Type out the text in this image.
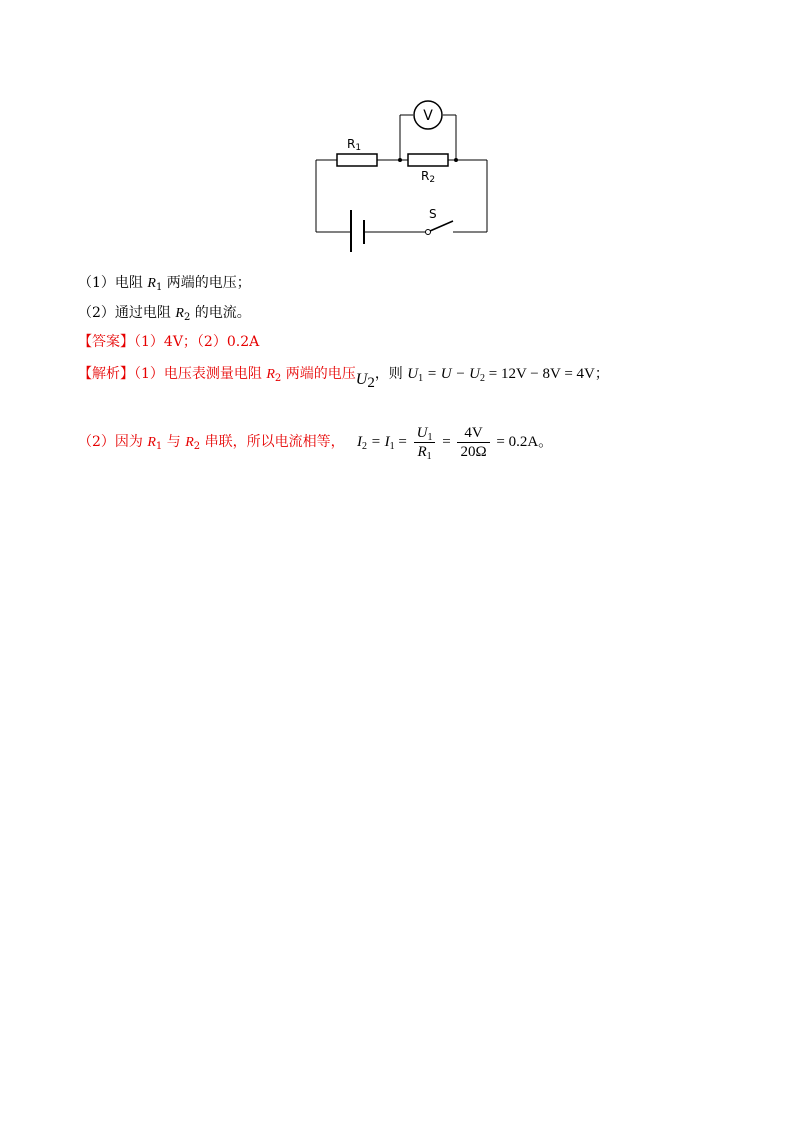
V
R1
R2
S
（1）电阻 $R_1$ 两端的电压；
（2）通过电阻 $R_2$ 的电流。
【答案】（1）4V；（2）0.2A
【解析】（1）电压表测量电阻 $R_2$ 两端的电压$U_2$，则 $U_1 = U - U_2 = 12V - 8V = 4V$；
（2）因为 $R_1$ 与 $R_2$ 串联，所以电流相等， $I_2 = I_1 = \frac{U_1}{R_1} = \frac{4V}{20\Omega} = 0.2A$。
